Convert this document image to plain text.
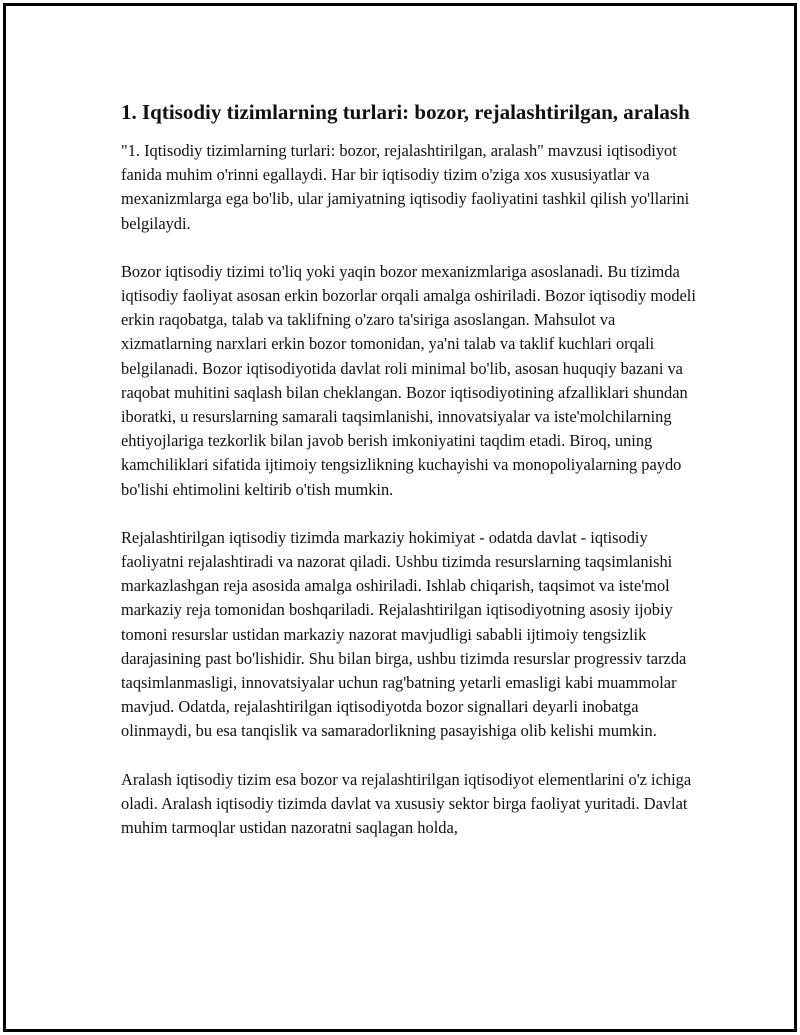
1. Iqtisodiy tizimlarning turlari: bozor, rejalashtirilgan, aralash

"1. Iqtisodiy tizimlarning turlari: bozor, rejalashtirilgan, aralash" mavzusi iqtisodiyot fanida muhim o'rinni egallaydi. Har bir iqtisodiy tizim o'ziga xos xususiyatlar va mexanizmlarga ega bo'lib, ular jamiyatning iqtisodiy faoliyatini tashkil qilish yo'llarini belgilaydi.

Bozor iqtisodiy tizimi to'liq yoki yaqin bozor mexanizmlariga asoslanadi. Bu tizimda iqtisodiy faoliyat asosan erkin bozorlar orqali amalga oshiriladi. Bozor iqtisodiy modeli erkin raqobatga, talab va taklifning o'zaro ta'siriga asoslangan. Mahsulot va xizmatlarning narxlari erkin bozor tomonidan, ya'ni talab va taklif kuchlari orqali belgilanadi. Bozor iqtisodiyotida davlat roli minimal bo'lib, asosan huquqiy bazani va raqobat muhitini saqlash bilan cheklangan. Bozor iqtisodiyotining afzalliklari shundan iboratki, u resurslarning samarali taqsimlanishi, innovatsiyalar va iste'molchilarning ehtiyojlariga tezkorlik bilan javob berish imkoniyatini taqdim etadi. Biroq, uning kamchiliklari sifatida ijtimoiy tengsizlikning kuchayishi va monopoliyalarning paydo bo'lishi ehtimolini keltirib o'tish mumkin.

Rejalashtirilgan iqtisodiy tizimda markaziy hokimiyat - odatda davlat - iqtisodiy faoliyatni rejalashtiradi va nazorat qiladi. Ushbu tizimda resurslarning taqsimlanishi markazlashgan reja asosida amalga oshiriladi. Ishlab chiqarish, taqsimot va iste'mol markaziy reja tomonidan boshqariladi. Rejalashtirilgan iqtisodiyotning asosiy ijobiy tomoni resurslar ustidan markaziy nazorat mavjudligi sababli ijtimoiy tengsizlik darajasining past bo'lishidir. Shu bilan birga, ushbu tizimda resurslar progressiv tarzda taqsimlanmasligi, innovatsiyalar uchun rag'batning yetarli emasligi kabi muammolar mavjud. Odatda, rejalashtirilgan iqtisodiyotda bozor signallari deyarli inobatga olinmaydi, bu esa tanqislik va samaradorlikning pasayishiga olib kelishi mumkin.

Aralash iqtisodiy tizim esa bozor va rejalashtirilgan iqtisodiyot elementlarini o'z ichiga oladi. Aralash iqtisodiy tizimda davlat va xususiy sektor birga faoliyat yuritadi. Davlat muhim tarmoqlar ustidan nazoratni saqlagan holda,
